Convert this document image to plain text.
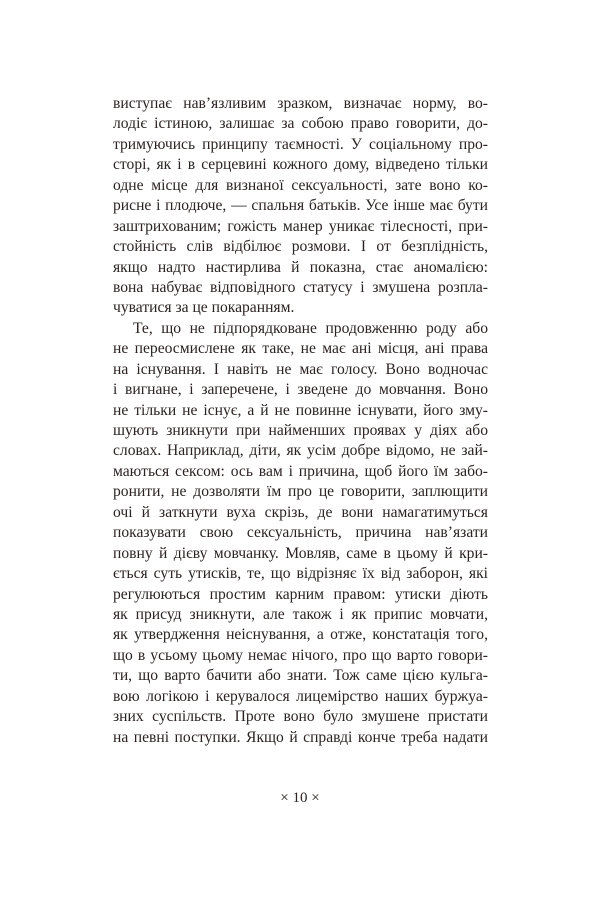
виступає нав’язливим зразком, визначає норму, во-
лодіє істиною, залишає за собою право говорити, до-
тримуючись принципу таємності. У соціальному про-
сторі, як і в серцевині кожного дому, відведено тільки
одне місце для визнаної сексуальності, зате воно ко-
рисне і плодюче, — спальня батьків. Усе інше має бути
заштрихованим; гожість манер уникає тілесності, при-
стойність слів відбілює розмови. І от безплідність,
якщо надто настирлива й показна, стає аномалією:
вона набуває відповідного статусу і змушена розпла-
чуватися за це покаранням.
Те, що не підпорядковане продовженню роду або
не переосмислене як таке, не має ані місця, ані права
на існування. І навіть не має голосу. Воно водночас
і вигнане, і заперечене, і зведене до мовчання. Воно
не тільки не існує, а й не повинне існувати, його зму-
шують зникнути при найменших проявах у діях або
словах. Наприклад, діти, як усім добре відомо, не зай-
маються сексом: ось вам і причина, щоб його їм забо-
ронити, не дозволяти їм про це говорити, заплющити
очі й заткнути вуха скрізь, де вони намагатимуться
показувати свою сексуальність, причина нав’язати
повну й дієву мовчанку. Мовляв, саме в цьому й кри-
ється суть утисків, те, що відрізняє їх від заборон, які
регулюються простим карним правом: утиски діють
як присуд зникнути, але також і як припис мовчати,
як утвердження неіснування, а отже, констатація того,
що в усьому цьому немає нічого, про що варто говори-
ти, що варто бачити або знати. Тож саме цією кульга-
вою логікою і керувалося лицемірство наших буржуа-
зних суспільств. Проте воно було змушене пристати
на певні поступки. Якщо й справді конче треба надати
× 10 ×
